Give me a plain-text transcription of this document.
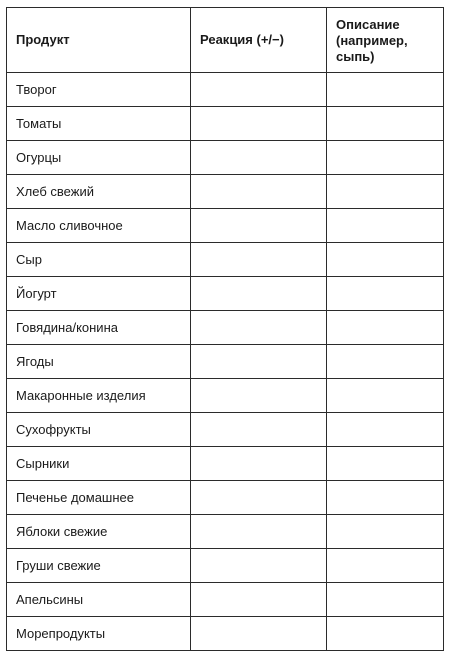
Продукт	Реакция (+/−)	Описание (например, сыпь)
Творог		
Томаты		
Огурцы		
Хлеб свежий		
Масло сливочное		
Сыр		
Йогурт		
Говядина/конина		
Ягоды		
Макаронные изделия		
Сухофрукты		
Сырники		
Печенье домашнее		
Яблоки свежие		
Груши свежие		
Апельсины		
Морепродукты		
